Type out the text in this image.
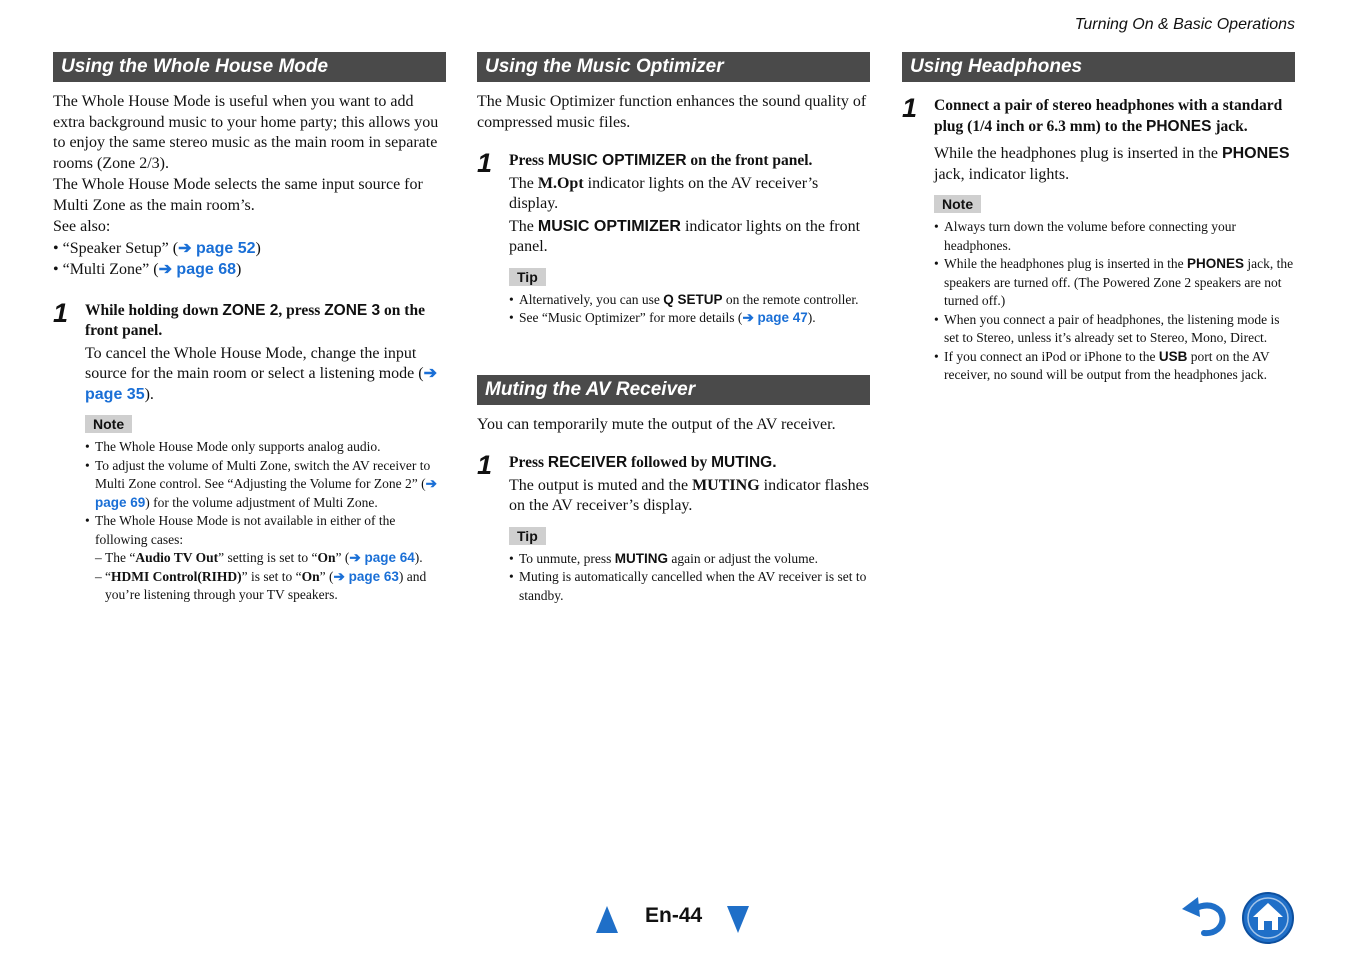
Turning On & Basic Operations
Using the Whole House Mode

The Whole House Mode is useful when you want to add extra background music to your home party; this allows you to enjoy the same stereo music as the main room in separate rooms (Zone 2/3).

The Whole House Mode selects the same input source for Multi Zone as the main room’s.

See also:

• “Speaker Setup” (➔ page 52)

• “Multi Zone” (➔ page 68)

1 While holding down ZONE 2, press ZONE 3 on the front panel.
To cancel the Whole House Mode, change the input source for the main room or select a listening mode (➔ page 35).
Note
• The Whole House Mode only supports analog audio.
• To adjust the volume of Multi Zone, switch the AV receiver to Multi Zone control. See “Adjusting the Volume for Zone 2” (➔ page 69) for the volume adjustment of Multi Zone.
• The Whole House Mode is not available in either of the following cases:
– The “Audio TV Out” setting is set to “On” (➔ page 64).
– “HDMI Control(RIHD)” is set to “On” (➔ page 63) and you’re listening through your TV speakers.
Using the Music Optimizer

The Music Optimizer function enhances the sound quality of compressed music files.

1 Press MUSIC OPTIMIZER on the front panel.
The M.Opt indicator lights on the AV receiver’s display.
The MUSIC OPTIMIZER indicator lights on the front panel.
Tip
• Alternatively, you can use Q SETUP on the remote controller.
• See “Music Optimizer” for more details (➔ page 47).
Muting the AV Receiver

You can temporarily mute the output of the AV receiver.

1 Press RECEIVER followed by MUTING.
The output is muted and the MUTING indicator flashes on the AV receiver’s display.
Tip
• To unmute, press MUTING again or adjust the volume.
• Muting is automatically cancelled when the AV receiver is set to standby.
Using Headphones
1 Connect a pair of stereo headphones with a standard plug (1/4 inch or 6.3 mm) to the PHONES jack.
While the headphones plug is inserted in the PHONES jack, indicator lights.
Note
• Always turn down the volume before connecting your headphones.
• While the headphones plug is inserted in the PHONES jack, the speakers are turned off. (The Powered Zone 2 speakers are not turned off.)
• When you connect a pair of headphones, the listening mode is set to Stereo, unless it’s already set to Stereo, Mono, Direct.
• If you connect an iPod or iPhone to the USB port on the AV receiver, no sound will be output from the headphones jack.
En-44
